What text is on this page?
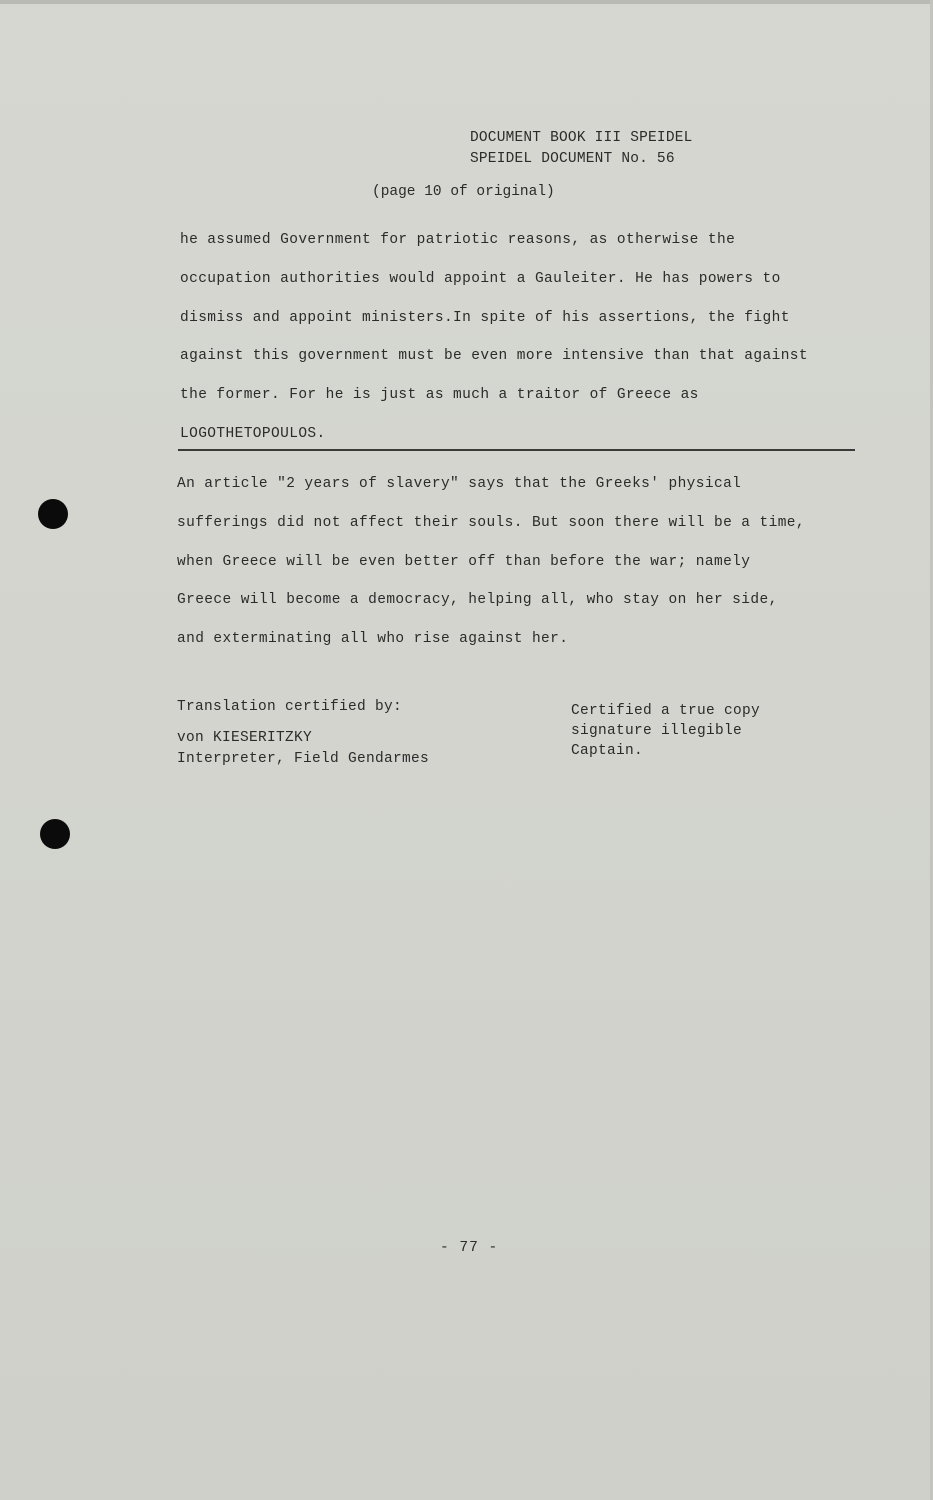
DOCUMENT BOOK III SPEIDEL
SPEIDEL DOCUMENT No. 56
(page 10 of original)
he assumed Government for patriotic reasons, as otherwise the
occupation authorities would appoint a Gauleiter. He has powers to
dismiss and appoint ministers.In spite of his assertions, the fight
against this government must be even more intensive than that against
the former. For he is just as much a traitor of Greece as
LOGOTHETOPOULOS.
An article "2 years of slavery" says that the Greeks' physical
sufferings did not affect their souls. But soon there will be a time,
when Greece will be even better off than before the war; namely
Greece will become a democracy, helping all, who stay on her side,
and exterminating all who rise against her.
Translation certified by:
von KIESERITZKY
Interpreter, Field Gendarmes
Certified a true copy
signature illegible
Captain.
- 77 -
